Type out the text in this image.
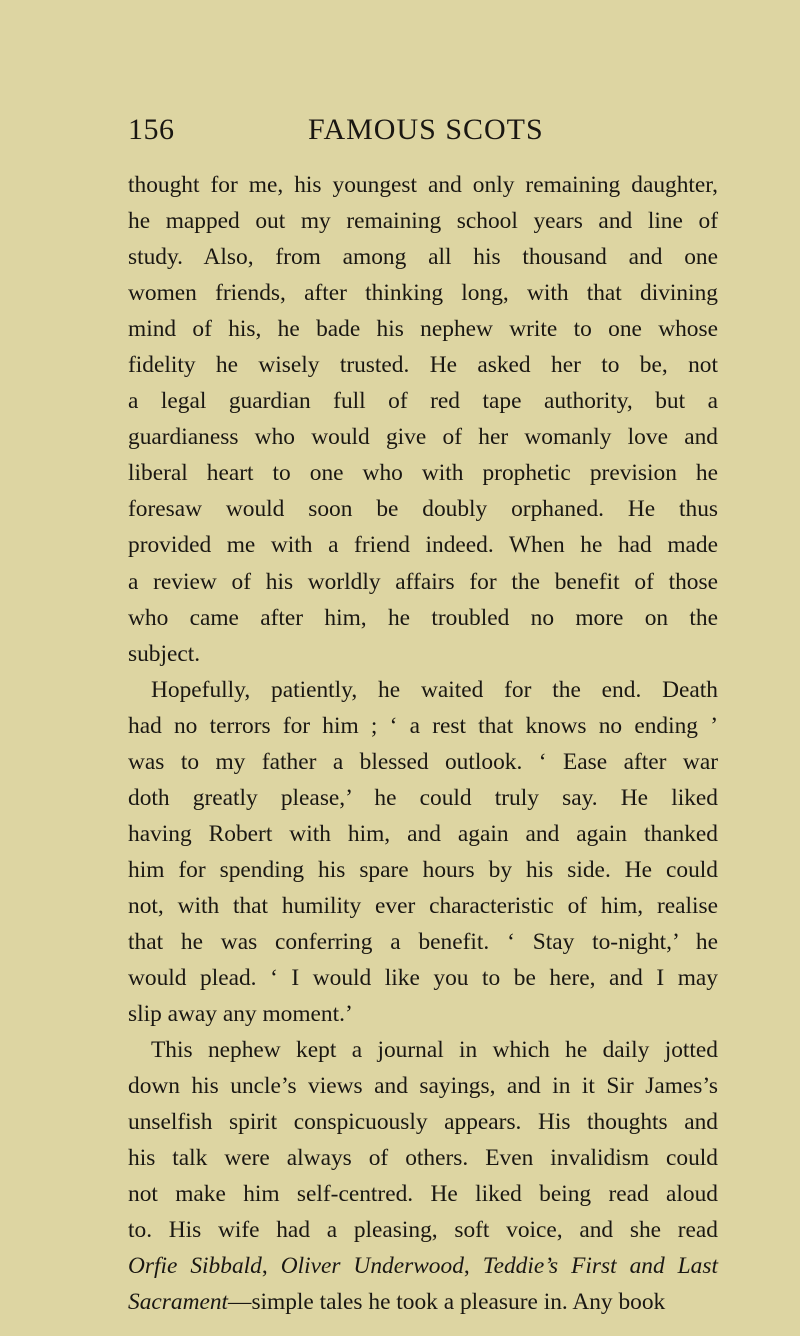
156	FAMOUS SCOTS
thought for me, his youngest and only remaining daughter,
he mapped out my remaining school years and line of
study. Also, from among all his thousand and one
women friends, after thinking long, with that divining
mind of his, he bade his nephew write to one whose
fidelity he wisely trusted. He asked her to be, not
a legal guardian full of red tape authority, but a
guardianess who would give of her womanly love and
liberal heart to one who with prophetic prevision he
foresaw would soon be doubly orphaned. He thus
provided me with a friend indeed. When he had made
a review of his worldly affairs for the benefit of those
who came after him, he troubled no more on the
subject.
Hopefully, patiently, he waited for the end. Death
had no terrors for him ; ‘ a rest that knows no ending ’
was to my father a blessed outlook. ‘ Ease after war
doth greatly please,’ he could truly say. He liked
having Robert with him, and again and again thanked
him for spending his spare hours by his side. He could
not, with that humility ever characteristic of him, realise
that he was conferring a benefit. ‘ Stay to-night,’ he
would plead. ‘ I would like you to be here, and I may
slip away any moment.’
This nephew kept a journal in which he daily jotted
down his uncle’s views and sayings, and in it Sir James’s
unselfish spirit conspicuously appears. His thoughts and
his talk were always of others. Even invalidism could
not make him self-centred. He liked being read aloud
to. His wife had a pleasing, soft voice, and she read
Orfie Sibbald, Oliver Underwood, Teddie’s First and Last
Sacrament—simple tales he took a pleasure in. Any book
